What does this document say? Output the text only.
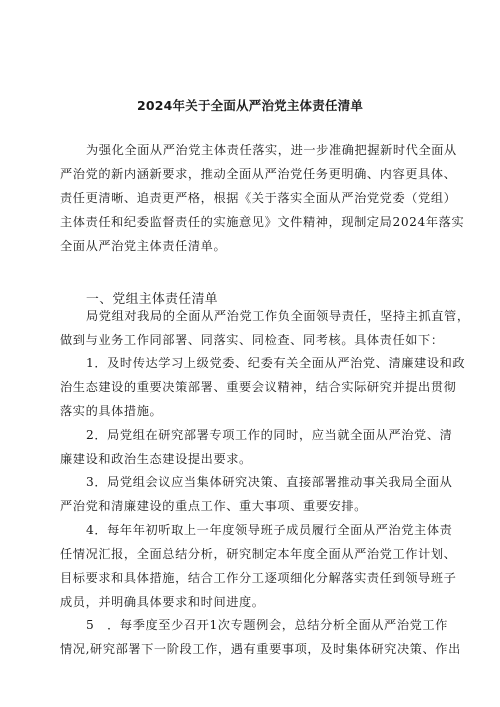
2024年关于全面从严治党主体责任清单

为强化全面从严治党主体责任落实，进一步准确把握新时代全面从
严治党的新内涵新要求，推动全面从严治党任务更明确、内容更具体、
责任更清晰、追责更严格，根据《关于落实全面从严治党党委（党组）
主体责任和纪委监督责任的实施意见》文件精神，现制定局2024年落实
全面从严治党主体责任清单。

一、党组主体责任清单

局党组对我局的全面从严治党工作负全面领导责任，坚持主抓直管，
做到与业务工作同部署、同落实、同检查、同考核。具体责任如下：

1．及时传达学习上级党委、纪委有关全面从严治党、清廉建设和政
治生态建设的重要决策部署、重要会议精神，结合实际研究并提出贯彻
落实的具体措施。

2．局党组在研究部署专项工作的同时，应当就全面从严治党、清
廉建设和政治生态建设提出要求。

3．局党组会议应当集体研究决策、直接部署推动事关我局全面从
严治党和清廉建设的重点工作、重大事项、重要安排。

4．每年年初听取上一年度领导班子成员履行全面从严治党主体责
任情况汇报，全面总结分析，研究制定本年度全面从严治党工作计划、
目标要求和具体措施，结合工作分工逐项细化分解落实责任到领导班子
成员，并明确具体要求和时间进度。

5　．每季度至少召开1次专题例会，总结分析全面从严治党工作
情况,研究部署下一阶段工作，遇有重要事项，及时集体研究决策、作出
